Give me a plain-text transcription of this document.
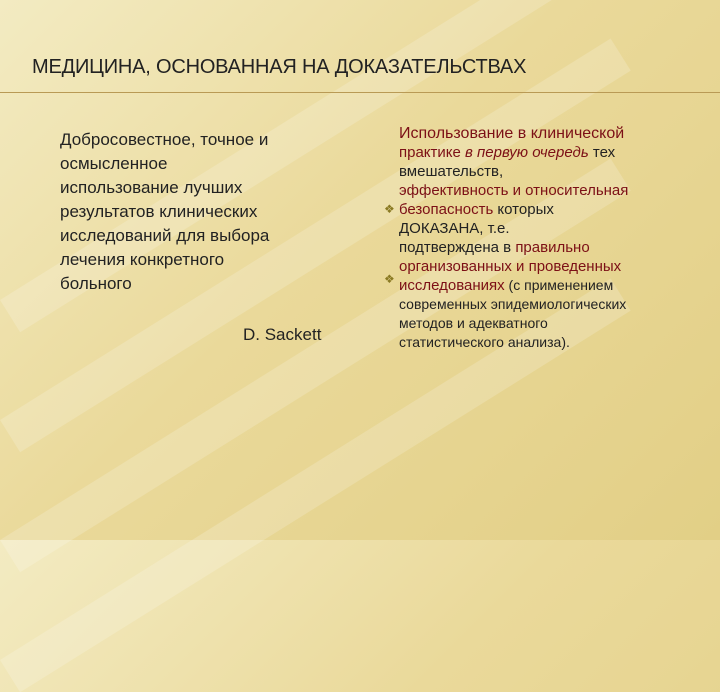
МЕДИЦИНА, ОСНОВАННАЯ НА ДОКАЗАТЕЛЬСТВАХ
Добросовестное, точное и
осмысленное
использование лучших
результатов клинических
исследований для выбора
лечения конкретного
больного
D. Sackett
❖
❖
Использование в клинической
практике в первую очередь тех
вмешательств,
эффективность и относительная
безопасность которых
ДОКАЗАНА, т.е.
подтверждена в правильно
организованных и проведенных
исследованиях (с применением
современных эпидемиологических
методов и адекватного
статистического анализа).
